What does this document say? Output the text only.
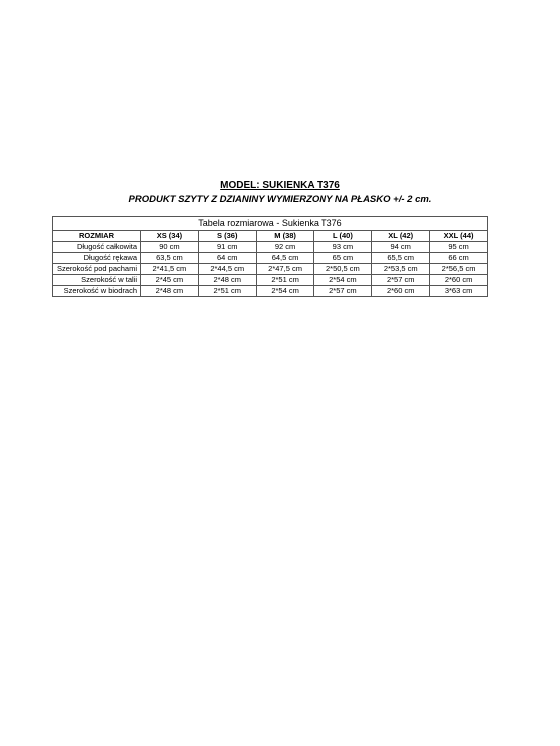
MODEL: SUKIENKA T376
PRODUKT SZYTY Z DZIANINY WYMIERZONY NA PŁASKO +/- 2 cm.
Tabela rozmiarowa - Sukienka T376						
ROZMIAR	XS (34)	S (36)	M (38)	L (40)	XL (42)	XXL (44)
Długość całkowita	90 cm	91 cm	92 cm	93 cm	94 cm	95 cm
Długość rękawa	63,5 cm	64 cm	64,5 cm	65 cm	65,5 cm	66 cm
Szerokość pod pachami	2*41,5 cm	2*44,5 cm	2*47,5 cm	2*50,5 cm	2*53,5 cm	2*56,5 cm
Szerokość w talii	2*45 cm	2*48 cm	2*51 cm	2*54 cm	2*57 cm	2*60 cm
Szerokość w biodrach	2*48 cm	2*51 cm	2*54 cm	2*57 cm	2*60 cm	3*63 cm
